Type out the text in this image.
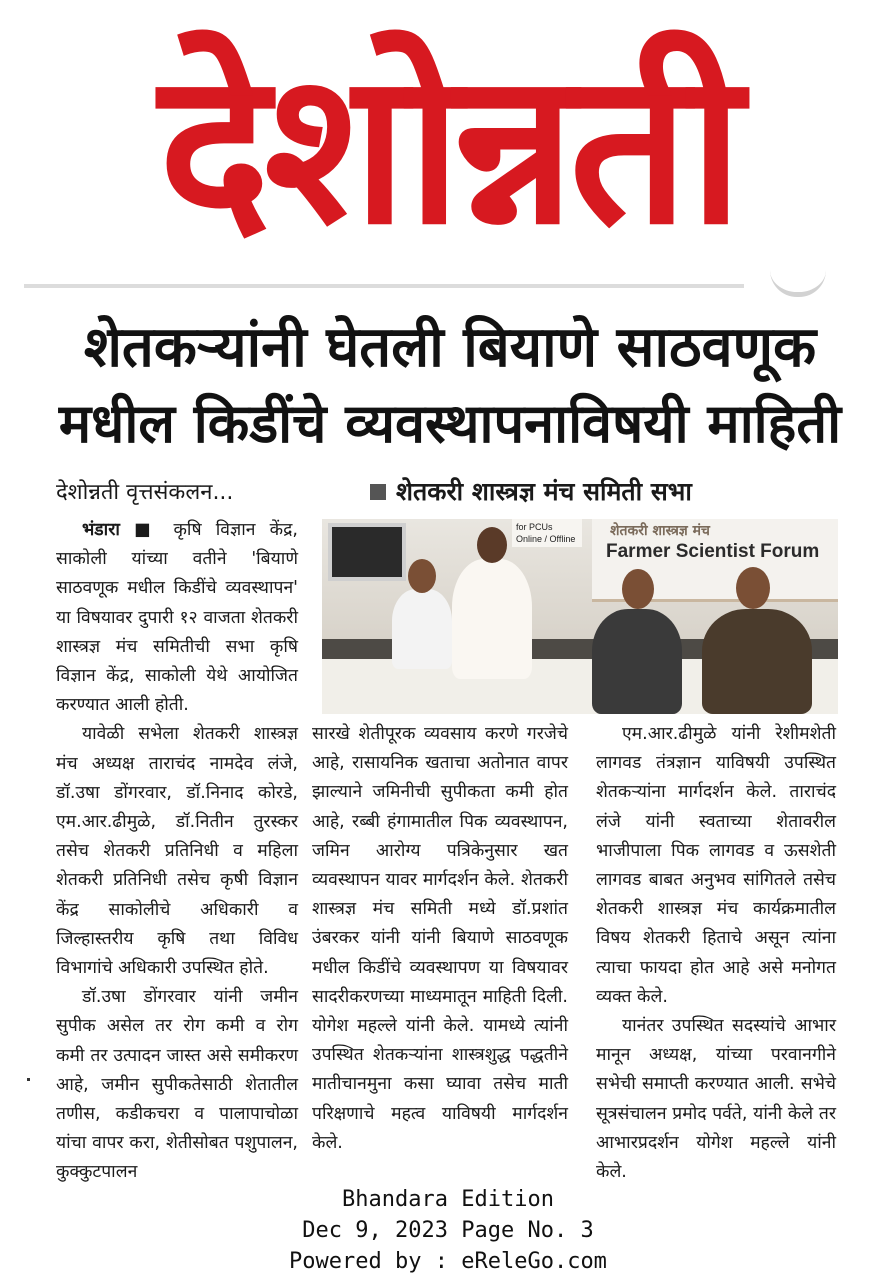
देशोन्नती
शेतकऱ्यांनी घेतली बियाणे साठवणूक
मधील किडींचे व्यवस्थापनाविषयी माहिती
देशोन्नती वृत्तसंकलन...	शेतकरी शास्त्रज्ञ मंच समिती सभा
for PCUs Online / Offline	शेतकरी शास्त्रज्ञ मंच
Farmer Scientist Forum

भंडारा ■ कृषि विज्ञान केंद्र, साकोली यांच्या वतीने 'बियाणे साठवणूक मधील किडींचे व्यवस्थापन' या विषयावर दुपारी १२ वाजता शेतकरी शास्त्रज्ञ मंच समितीची सभा कृषि विज्ञान केंद्र, साकोली येथे आयोजित करण्यात आली होती.

यावेळी सभेला शेतकरी शास्त्रज्ञ मंच अध्यक्ष ताराचंद नामदेव लंजे, डॉ.उषा डोंगरवार, डॉ.निनाद कोरडे, एम.आर.ढीमुळे, डॉ.नितीन तुरस्कर तसेच शेतकरी प्रतिनिधी व महिला शेतकरी प्रतिनिधी तसेच कृषी विज्ञान केंद्र साकोलीचे अधिकारी व जिल्हास्तरीय कृषि तथा विविध विभागांचे अधिकारी उपस्थित होते.

डॉ.उषा डोंगरवार यांनी जमीन सुपीक असेल तर रोग कमी व रोग कमी तर उत्पादन जास्त असे समीकरण आहे, जमीन सुपीकतेसाठी शेतातील तणीस, कडीकचरा व पालापाचोळा यांचा वापर करा, शेतीसोबत पशुपालन, कुक्कुटपालन

सारखे शेतीपूरक व्यवसाय करणे गरजेचे आहे, रासायनिक खताचा अतोनात वापर झाल्याने जमिनीची सुपीकता कमी होत आहे, रब्बी हंगामातील पिक व्यवस्थापन, जमिन आरोग्य पत्रिकेनुसार खत व्यवस्थापन यावर मार्गदर्शन केले. शेतकरी शास्त्रज्ञ मंच समिती मध्ये डॉ.प्रशांत उंबरकर यांनी यांनी बियाणे साठवणूक मधील किडींचे व्यवस्थापण या विषयावर सादरीकरणच्या माध्यमातून माहिती दिली. योगेश महल्ले यांनी केले. यामध्ये त्यांनी उपस्थित शेतकऱ्यांना शास्त्रशुद्ध पद्धतीने मातीचानमुना कसा घ्यावा तसेच माती परिक्षणाचे महत्व याविषयी मार्गदर्शन केले.

एम.आर.ढीमुळे यांनी रेशीमशेती लागवड तंत्रज्ञान याविषयी उपस्थित शेतकऱ्यांना मार्गदर्शन केले. ताराचंद लंजे यांनी स्वताच्या शेतावरील भाजीपाला पिक लागवड व ऊसशेती लागवड बाबत अनुभव सांगितले तसेच शेतकरी शास्त्रज्ञ मंच कार्यक्रमातील विषय शेतकरी हिताचे असून त्यांना त्याचा फायदा होत आहे असे मनोगत व्यक्त केले.

यानंतर उपस्थित सदस्यांचे आभार मानून अध्यक्ष, यांच्या परवानगीने सभेची समाप्ती करण्यात आली. सभेचे सूत्रसंचालन प्रमोद पर्वते, यांनी केले तर आभारप्रदर्शन योगेश महल्ले यांनी केले.

Bhandara Edition
Dec 9, 2023 Page No. 3
Powered by : eReleGo.com
